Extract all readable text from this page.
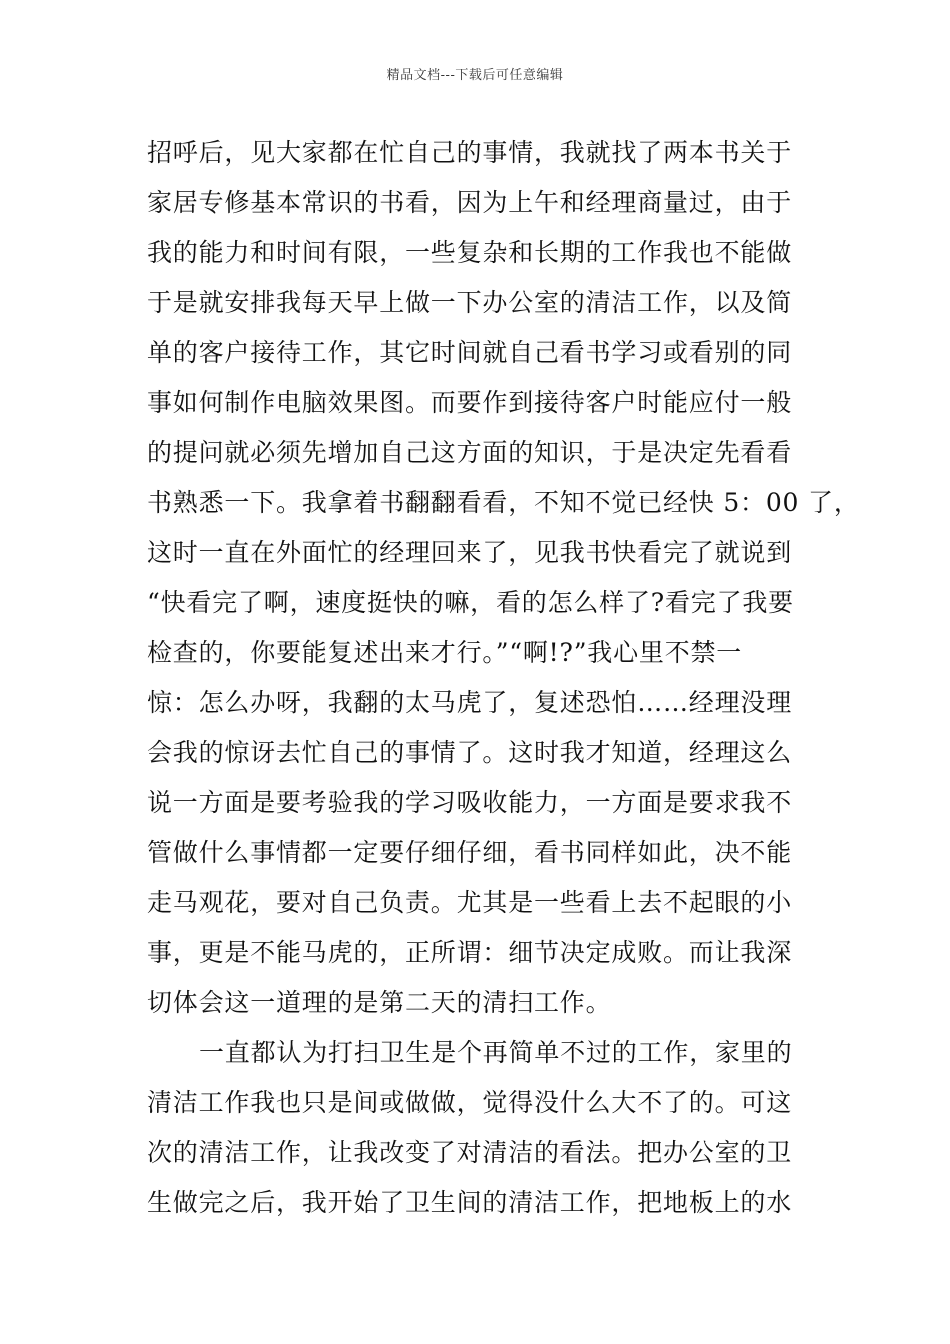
精品文档---下载后可任意编辑
招呼后，见大家都在忙自己的事情，我就找了两本书关于
家居专修基本常识的书看，因为上午和经理商量过，由于
我的能力和时间有限，一些复杂和长期的工作我也不能做
于是就安排我每天早上做一下办公室的清洁工作，以及简
单的客户接待工作，其它时间就自己看书学习或看别的同
事如何制作电脑效果图。而要作到接待客户时能应付一般
的提问就必须先增加自己这方面的知识，于是决定先看看
书熟悉一下。我拿着书翻翻看看，不知不觉已经快 5：00 了，
这时一直在外面忙的经理回来了，见我书快看完了就说到
“快看完了啊，速度挺快的嘛，看的怎么样了?看完了我要
检查的，你要能复述出来才行。”“啊!?”我心里不禁一
惊：怎么办呀，我翻的太马虎了，复述恐怕……经理没理
会我的惊讶去忙自己的事情了。这时我才知道，经理这么
说一方面是要考验我的学习吸收能力，一方面是要求我不
管做什么事情都一定要仔细仔细，看书同样如此，决不能
走马观花，要对自己负责。尤其是一些看上去不起眼的小
事，更是不能马虎的，正所谓：细节决定成败。而让我深
切体会这一道理的是第二天的清扫工作。
一直都认为打扫卫生是个再简单不过的工作，家里的
清洁工作我也只是间或做做，觉得没什么大不了的。可这
次的清洁工作，让我改变了对清洁的看法。把办公室的卫
生做完之后，我开始了卫生间的清洁工作，把地板上的水
